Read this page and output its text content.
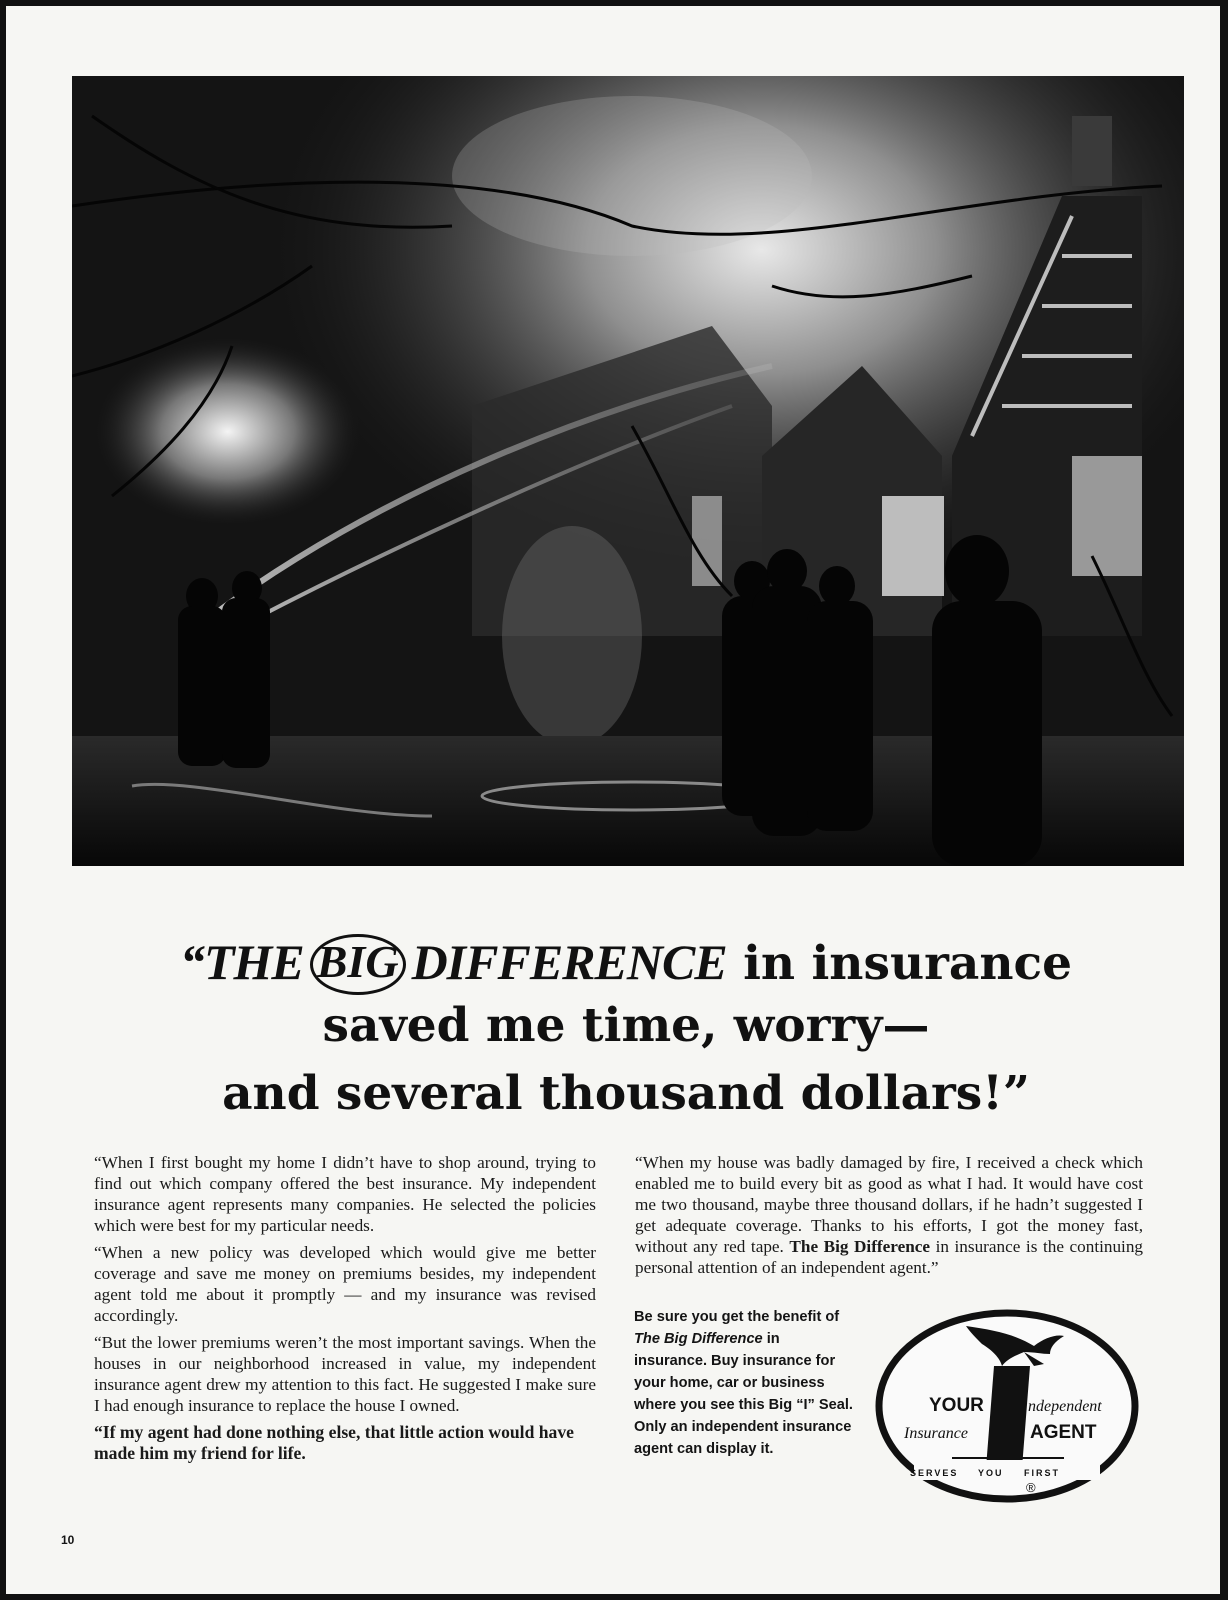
“THE BIG DIFFERENCE in insurance
saved me time, worry—
and several thousand dollars!”

“When I first bought my home I didn’t have to shop around, trying to find out which company offered the best insurance. My independent insurance agent represents many companies. He selected the policies which were best for my particular needs.

“When a new policy was developed which would give me better coverage and save me money on premiums besides, my independent agent told me about it promptly — and my insurance was revised accordingly.

“But the lower premiums weren’t the most important savings. When the houses in our neighborhood increased in value, my independent insurance agent drew my attention to this fact. He suggested I make sure I had enough insurance to replace the house I owned.

“If my agent had done nothing else, that little action would have made him my friend for life.

“When my house was badly damaged by fire, I received a check which enabled me to build every bit as good as what I had. It would have cost me two thousand, maybe three thousand dollars, if he hadn’t suggested I get adequate coverage. Thanks to his efforts, I got the money fast, without any red tape. The Big Difference in insurance is the continuing personal attention of an independent agent.”

Be sure you get the benefit of The Big Difference in insurance. Buy insurance for your home, car or business where you see this Big “I” Seal. Only an independent insurance agent can display it.
YOUR
Insurance
ndependent
AGENT
SERVES YOU FIRST
®
10
